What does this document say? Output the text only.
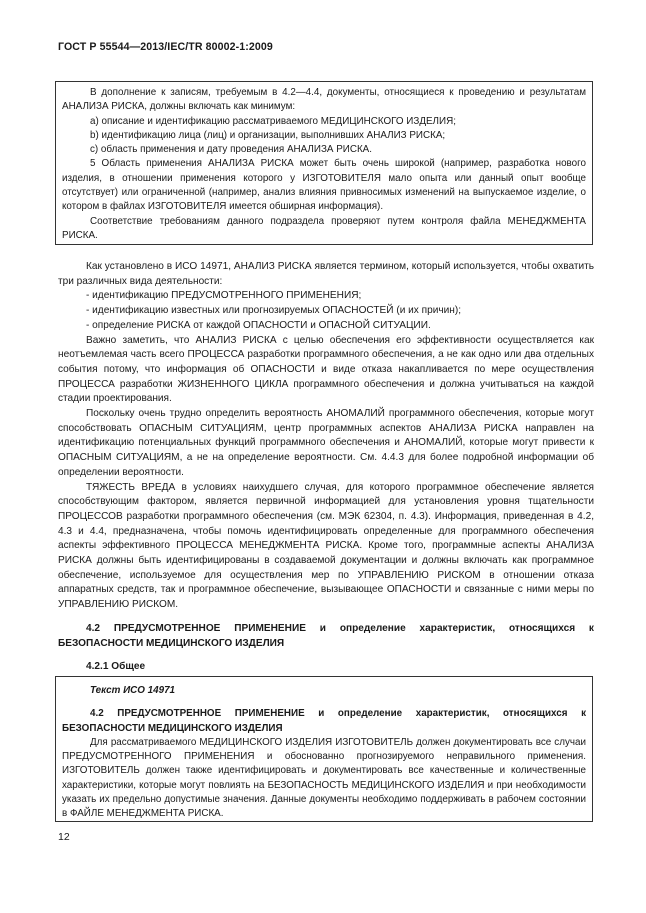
ГОСТ Р 55544—2013/IEC/TR 80002-1:2009

В дополнение к записям, требуемым в 4.2—4.4, документы, относящиеся к проведению и результатам АНАЛИЗА РИСКА, должны включать как минимум:

a) описание и идентификацию рассматриваемого МЕДИЦИНСКОГО ИЗДЕЛИЯ;

b) идентификацию лица (лиц) и организации, выполнивших АНАЛИЗ РИСКА;

c) область применения и дату проведения АНАЛИЗА РИСКА.

5 Область применения АНАЛИЗА РИСКА может быть очень широкой (например, разработка нового изделия, в отношении применения которого у ИЗГОТОВИТЕЛЯ мало опыта или данный опыт вообще отсутствует) или ограниченной (например, анализ влияния привносимых изменений на выпускаемое изделие, о котором в файлах ИЗГОТОВИТЕЛЯ имеется обширная информация).

Соответствие требованиям данного подраздела проверяют путем контроля файла МЕНЕДЖМЕНТА РИСКА.

Как установлено в ИСО 14971, АНАЛИЗ РИСКА является термином, который используется, чтобы охватить три различных вида деятельности:

- идентификацию ПРЕДУСМОТРЕННОГО ПРИМЕНЕНИЯ;

- идентификацию известных или прогнозируемых ОПАСНОСТЕЙ (и их причин);

- определение РИСКА от каждой ОПАСНОСТИ и ОПАСНОЙ СИТУАЦИИ.

Важно заметить, что АНАЛИЗ РИСКА с целью обеспечения его эффективности осуществляется как неотъемлемая часть всего ПРОЦЕССА разработки программного обеспечения, а не как одно или два отдельных события потому, что информация об ОПАСНОСТИ и виде отказа накапливается по мере осуществления ПРОЦЕССА разработки ЖИЗНЕННОГО ЦИКЛА программного обеспечения и должна учитываться на каждой стадии проектирования.

Поскольку очень трудно определить вероятность АНОМАЛИЙ программного обеспечения, которые могут способствовать ОПАСНЫМ СИТУАЦИЯМ, центр программных аспектов АНАЛИЗА РИСКА направлен на идентификацию потенциальных функций программного обеспечения и АНОМАЛИЙ, которые могут привести к ОПАСНЫМ СИТУАЦИЯМ, а не на определение вероятности. См. 4.4.3 для более подробной информации об определении вероятности.

ТЯЖЕСТЬ ВРЕДА в условиях наихудшего случая, для которого программное обеспечение является способствующим фактором, является первичной информацией для установления уровня тщательности ПРОЦЕССОВ разработки программного обеспечения (см. МЭК 62304, п. 4.3). Информация, приведенная в 4.2, 4.3 и 4.4, предназначена, чтобы помочь идентифицировать определенные для программного обеспечения аспекты эффективного ПРОЦЕССА МЕНЕДЖМЕНТА РИСКА. Кроме того, программные аспекты АНАЛИЗА РИСКА должны быть идентифицированы в создаваемой документации и должны включать как программное обеспечение, используемое для осуществления мер по УПРАВЛЕНИЮ РИСКОМ в отношении отказа аппаратных средств, так и программное обеспечение, вызывающее ОПАСНОСТИ и связанные с ними меры по УПРАВЛЕНИЮ РИСКОМ.

4.2 ПРЕДУСМОТРЕННОЕ ПРИМЕНЕНИЕ и определение характеристик, относящихся к БЕЗОПАСНОСТИ МЕДИЦИНСКОГО ИЗДЕЛИЯ

4.2.1 Общее

Текст ИСО 14971

4.2 ПРЕДУСМОТРЕННОЕ ПРИМЕНЕНИЕ и определение характеристик, относящихся к БЕЗОПАСНОСТИ МЕДИЦИНСКОГО ИЗДЕЛИЯ

Для рассматриваемого МЕДИЦИНСКОГО ИЗДЕЛИЯ ИЗГОТОВИТЕЛЬ должен документировать все случаи ПРЕДУСМОТРЕННОГО ПРИМЕНЕНИЯ и обоснованно прогнозируемого неправильного применения. ИЗГОТОВИТЕЛЬ должен также идентифицировать и документировать все качественные и количественные характеристики, которые могут повлиять на БЕЗОПАСНОСТЬ МЕДИЦИНСКОГО ИЗДЕЛИЯ и при необходимости указать их предельно допустимые значения. Данные документы необходимо поддерживать в рабочем состоянии в ФАЙЛЕ МЕНЕДЖМЕНТА РИСКА.

12
